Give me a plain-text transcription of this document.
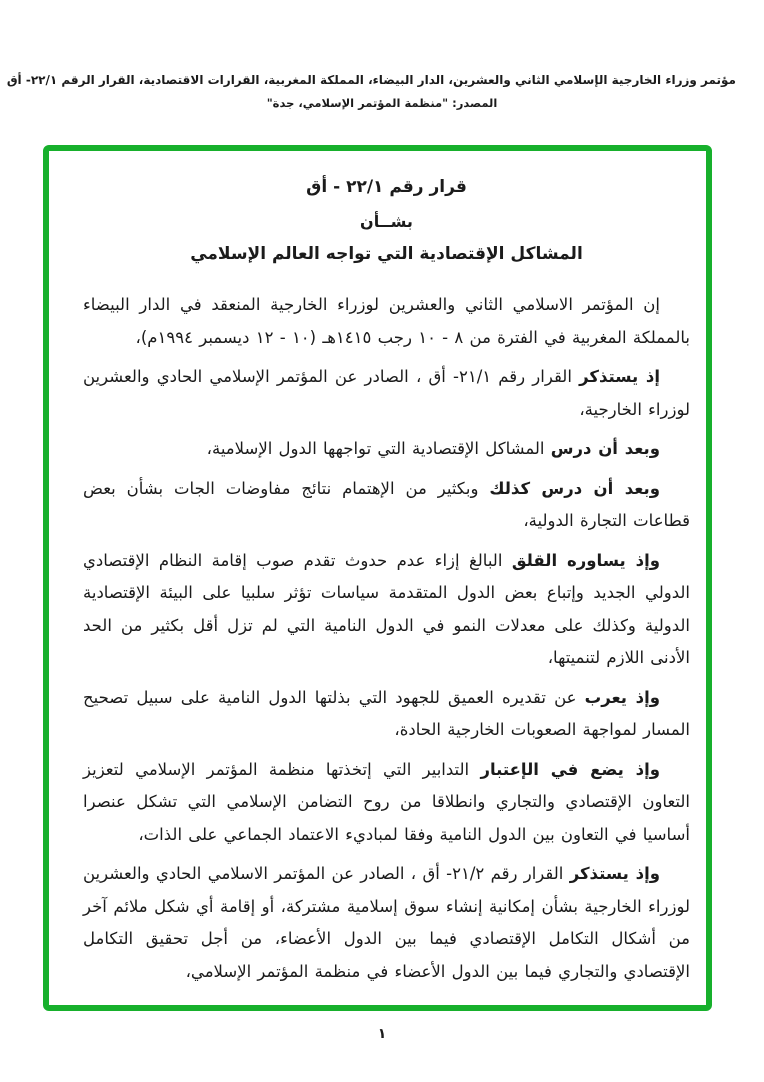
مؤتمر وزراء الخارجية الإسلامي الثاني والعشرين، الدار البيضاء، المملكة المغربية، القرارات الاقتصادية، القرار الرقم ٢٢/١- أق
المصدر: "منظمة المؤتمر الإسلامي، جدة"
قرار رقم ٢٢/١ - أق
بشــأن
المشاكل الإقتصادية التي تواجه العالم الإسلامي

إن المؤتمر الاسلامي الثاني والعشرين لوزراء الخارجية المنعقد في الدار البيضاء بالمملكة المغربية في الفترة من ٨ - ١٠ رجب ١٤١٥هـ (١٠ - ١٢ ديسمبر ١٩٩٤م)،

إذ يستذكر القرار رقم ٢١/١- أق ، الصادر عن المؤتمر الإسلامي الحادي والعشرين لوزراء الخارجية،

وبعد أن درس المشاكل الإقتصادية التي تواجهها الدول الإسلامية،

وبعد أن درس كذلك وبكثير من الإهتمام نتائج مفاوضات الجات بشأن بعض قطاعات التجارة الدولية،

وإذ يساوره القلق البالغ إزاء عدم حدوث تقدم صوب إقامة النظام الإقتصادي الدولي الجديد وإتباع بعض الدول المتقدمة سياسات تؤثر سلبيا على البيئة الإقتصادية الدولية وكذلك على معدلات النمو في الدول النامية التي لم تزل أقل بكثير من الحد الأدنى اللازم لتنميتها،

وإذ يعرب عن تقديره العميق للجهود التي بذلتها الدول النامية على سبيل تصحيح المسار لمواجهة الصعوبات الخارجية الحادة،

وإذ يضع في الإعتبار التدابير التي إتخذتها منظمة المؤتمر الإسلامي لتعزيز التعاون الإقتصادي والتجاري وانطلاقا من روح التضامن الإسلامي التي تشكل عنصرا أساسيا في التعاون بين الدول النامية وفقا لمباديء الاعتماد الجماعي على الذات،

وإذ يستذكر القرار رقم ٢١/٢- أق ، الصادر عن المؤتمر الاسلامي الحادي والعشرين لوزراء الخارجية بشأن إمكانية إنشاء سوق إسلامية مشتركة، أو إقامة أي شكل ملائم آخر من أشكال التكامل الإقتصادي فيما بين الدول الأعضاء، من أجل تحقيق التكامل الإقتصادي والتجاري فيما بين الدول الأعضاء في منظمة المؤتمر الإسلامي،

١
